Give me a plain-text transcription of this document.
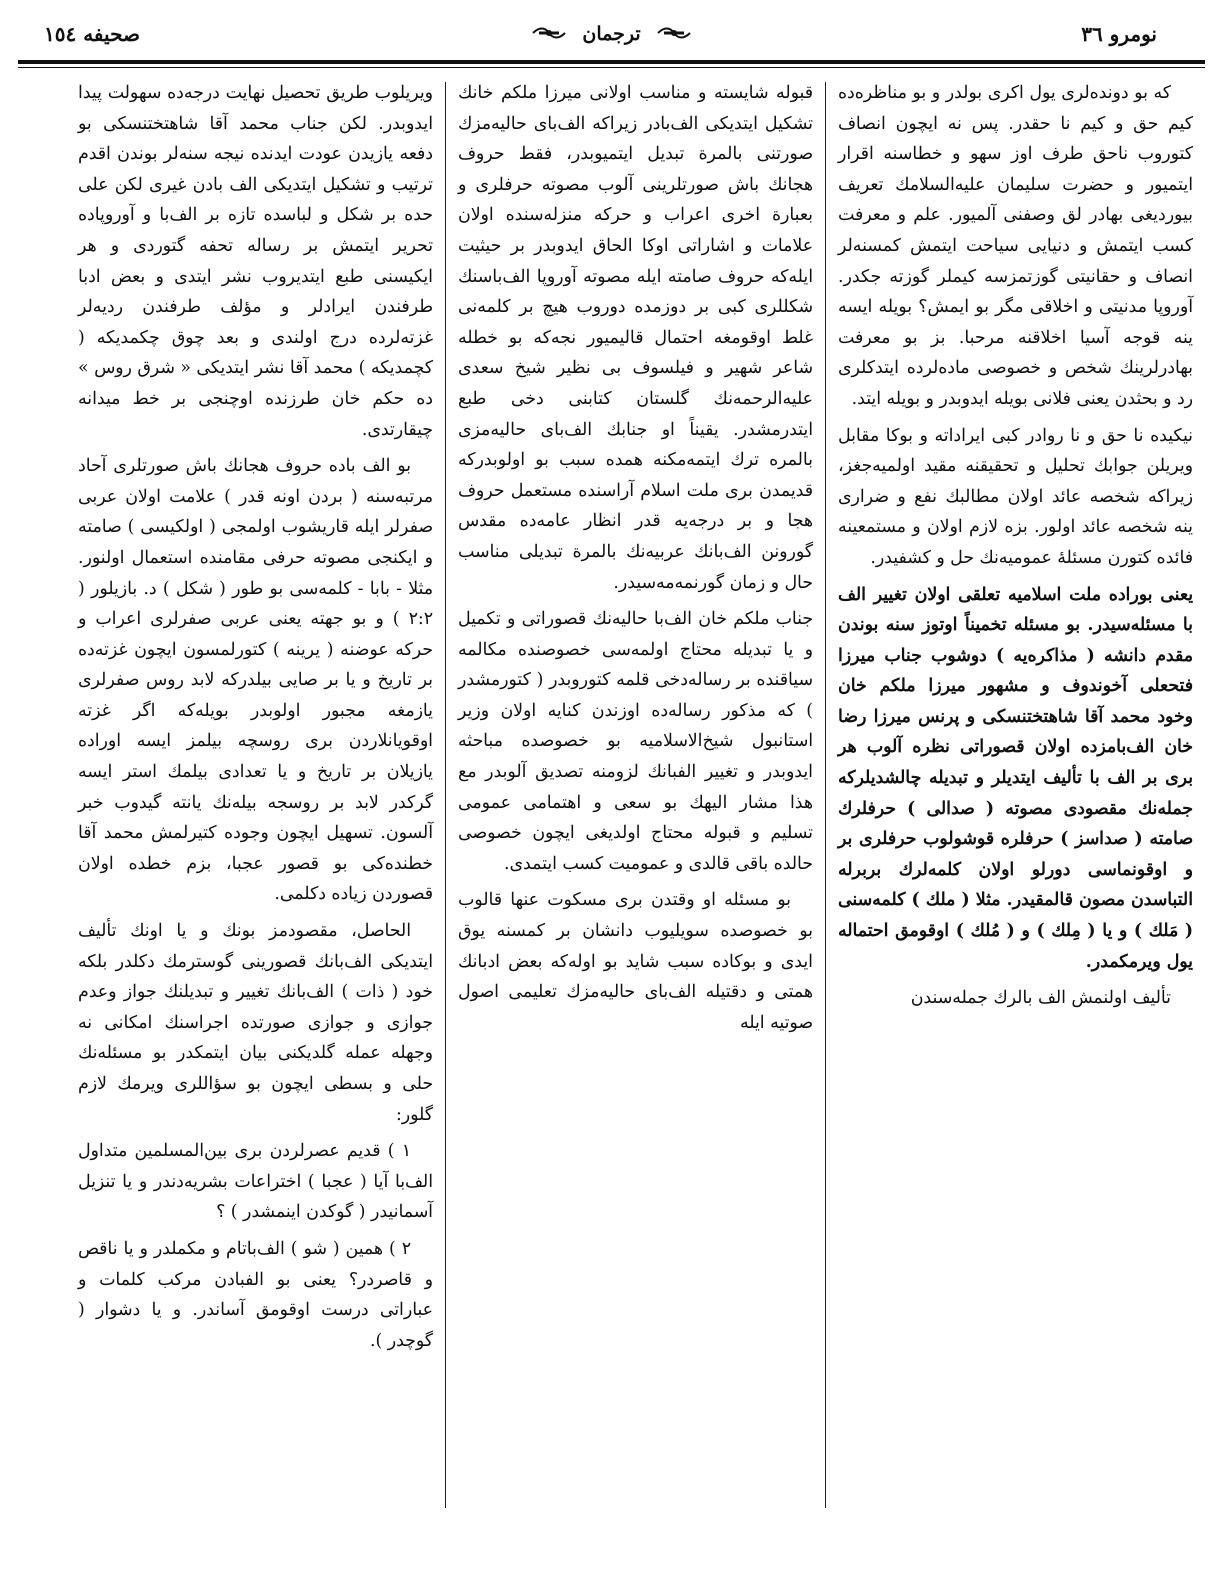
صحيفه ١٥٤	ترجمان	نومرو ٣٦

كه بو دونده‌لری يول اكری بولدر و بو مناظره‌ده كيم حق و كيم نا حقدر. پس نه ايچون انصاف كتوروب ناحق طرف اوز سهو و خطاسنه اقرار ايتميور و حضرت سليمان عليه‌السلامك تعريف بيورديغی بهادر لق وصفنی آلميور. علم و معرفت كسب ايتمش و دنيايی سياحت ايتمش كمسنه‌لر انصاف و حقانيتی گوزتمزسه كيملر گوزته جكدر. آوروپا مدنيتی و اخلاقی مگر بو ايمش؟ بويله ايسه ينه قوجه آسيا اخلاقنه مرحبا. بز بو معرفت بهادرلرينك شخص و خصوصی ماده‌لرده ايتدكلری رد و بحثدن يعنی فلانی بويله ايدوبدر و بويله ايتد.

نيكيده نا حق و نا روادر كبی ايراداته و بوكا مقابل ويريلن جوابك تحليل و تحقيقنه مقيد اولميه‌جغز، زيراكه شخصه عائد اولان مطالبك نفع و ضراری ينه شخصه عائد اولور. بزه لازم اولان و مستمعينه فائده كتورن مسئلهٔ عموميه‌نك حل و كشفيدر.

يعنی بوراده ملت اسلاميه تعلقی اولان تغيير الف با مسئله‌سيدر. بو مسئله تخميناً اوتوز سنه بوندن مقدم دانشه ( مذاكره‌يه ) دوشوب جناب ميرزا فتحعلی آخوندوف و مشهور ميرزا ملكم خان وخود محمد آقا شاهتختنسكی و پرنس ميرزا رضا خان الف‌بامزده اولان قصوراتی نظره آلوب هر بری بر الف با تأليف ايتديلر و تبديله چالشديلركه جمله‌نك مقصودی مصوته ( صدالی ) حرفلرك صامته ( صداسز ) حرفلره قوشولوب حرفلری بر و اوقونماسی دورلو اولان كلمه‌لرك بربرله التباسدن مصون قالمقيدر. مثلا ( ملك ) كلمه‌سنی ( مَلك ) و يا ( مِلك ) و ( مُلك ) اوقومق احتماله يول ويرمكمدر.

تأليف اولنمش الف بالرك جمله‌سندن

قبوله شايسته و مناسب اولانی ميرزا ملكم خانك تشكيل ايتديكی الف‌بادر زيراكه الف‌بای حاليه‌مزك صورتنی بالمرة تبديل ايتميوبدر، فقط حروف هجانك باش صورتلرينی آلوب مصوته حرفلری و بعبارة اخری اعراب و حركه منزله‌سنده اولان علامات و اشاراتی اوكا الحاق ايدوبدر بر حيثيت ايله‌كه حروف صامته ايله مصوته آوروپا الف‌باسنك شكللری كبی بر دوزمده دوروب هيچ بر كلمه‌نی غلط اوقومغه احتمال قاليميور نجه‌كه بو خطله شاعر شهير و فيلسوف بی نظير شيخ سعدی عليه‌الرحمه‌نك گلستان كتابنی دخی طبع ايتدرمشدر. يقيناً او جنابك الف‌بای حاليه‌مزی بالمره ترك ايتمه‌مكنه همده سبب بو اولوبدركه قديمدن بری ملت اسلام آراسنده مستعمل حروف هجا و بر درجه‌يه قدر انظار عامه‌ده مقدس گورونن الف‌بانك عربيه‌نك بالمرة تبديلی مناسب حال و زمان گورنمه‌مه‌سيدر.

جناب ملكم خان الف‌با حاليه‌نك قصوراتی و تكميل و يا تبديله محتاج اولمه‌سی خصوصنده مكالمه سياقنده بر رساله‌دخی قلمه كتوروبدر ( كتورمشدر ) كه مذكور رساله‌ده اوزندن كنايه اولان وزير استانبول شيخ‌الاسلاميه بو خصوصده مباحثه ايدوبدر و تغيير الفبانك لزومنه تصديق آلوبدر مع هذا مشار اليهك بو سعی و اهتمامی عمومی تسليم و قبوله محتاج اولديغی ايچون خصوصی حالده باقی قالدی و عموميت كسب ايتمدی.

بو مسئله او وقتدن بری مسكوت عنها قالوب بو خصوصده سويليوب دانشان بر كمسنه يوق ايدی و بوكاده سبب شايد بو اوله‌كه بعض ادبانك همتی و دقتيله الف‌بای حاليه‌مزك تعليمی اصول صوتيه ايله

ويريلوب طريق تحصيل نهايت درجه‌ده سهولت پيدا ايدوبدر. لكن جناب محمد آقا شاهتختنسكی بو دفعه يازيدن عودت ايدنده نيجه سنه‌لر بوندن اقدم ترتيب و تشكيل ايتديكی الف بادن غيری لكن علی حده بر شكل و لباسده تازه بر الف‌با و آوروپاده تحرير ايتمش بر رساله تحفه گتوردی و هر ايكيسنی طبع ايتديروب نشر ايتدی و بعض ادبا طرفندن ايرادلر و مؤلف طرفندن رديه‌لر غزته‌لرده درج اولندی و بعد چوق چكمديكه ( كچمديكه ) محمد آقا نشر ايتديكی « شرق روس » ده حكم خان طرزنده اوچنجی بر خط ميدانه چيقارتدی.

بو الف باده حروف هجانك باش صورتلری آحاد مرتبه‌سنه ( بردن اونه قدر ) علامت اولان عربی صفرلر ايله قاريشوب اولمجی ( اولكيسی ) صامته و ايكنجی مصوته حرفی مقامنده استعمال اولنور. مثلا - بابا - كلمه‌سی بو طور ( شكل ) د. بازيلور ( ٢:٢ ) و بو جهته يعنی عربی صفرلری اعراب و حركه عوضنه ( يرينه ) كتورلمسون ايچون غزته‌ده بر تاريخ و يا بر صايی بيلدركه لابد روس صفرلری يازمغه مجبور اولوبدر بويله‌كه اگر غزته اوقويانلاردن بری روسچه بيلمز ايسه اوراده يازيلان بر تاريخ و يا تعدادی بيلمك استر ايسه گركدر لابد بر روسجه بيله‌نك يانته گيدوب خبر آلسون. تسهيل ايچون وجوده كتيرلمش محمد آقا خطنده‌كی بو قصور عجبا، بزم خطده اولان قصوردن زياده دكلمی.

الحاصل، مقصودمز بونك و يا اونك تأليف ايتديكی الف‌بانك قصورينی گوسترمك دكلدر بلكه خود ( ذات ) الف‌بانك تغيير و تبديلنك جواز وعدم جوازی و جوازی صورتده اجراسنك امكانی نه وجهله عمله گلديكنی بيان ايتمكدر بو مسئله‌نك حلی و بسطی ايچون بو سؤاللری ويرمك لازم گلور:

١ ) قديم عصرلردن بری بين‌المسلمين متداول الف‌با آيا ( عجبا ) اختراعات بشريه‌دندر و يا تنزيل آسمانيدر ( گوكدن اينمشدر ) ؟

٢ ) همين ( شو ) الف‌باتام و مكملدر و يا ناقص و قاصردر؟ يعنی بو الفبادن مركب كلمات و عباراتی درست اوقومق آساندر. و يا دشوار ( گوچدر ).
